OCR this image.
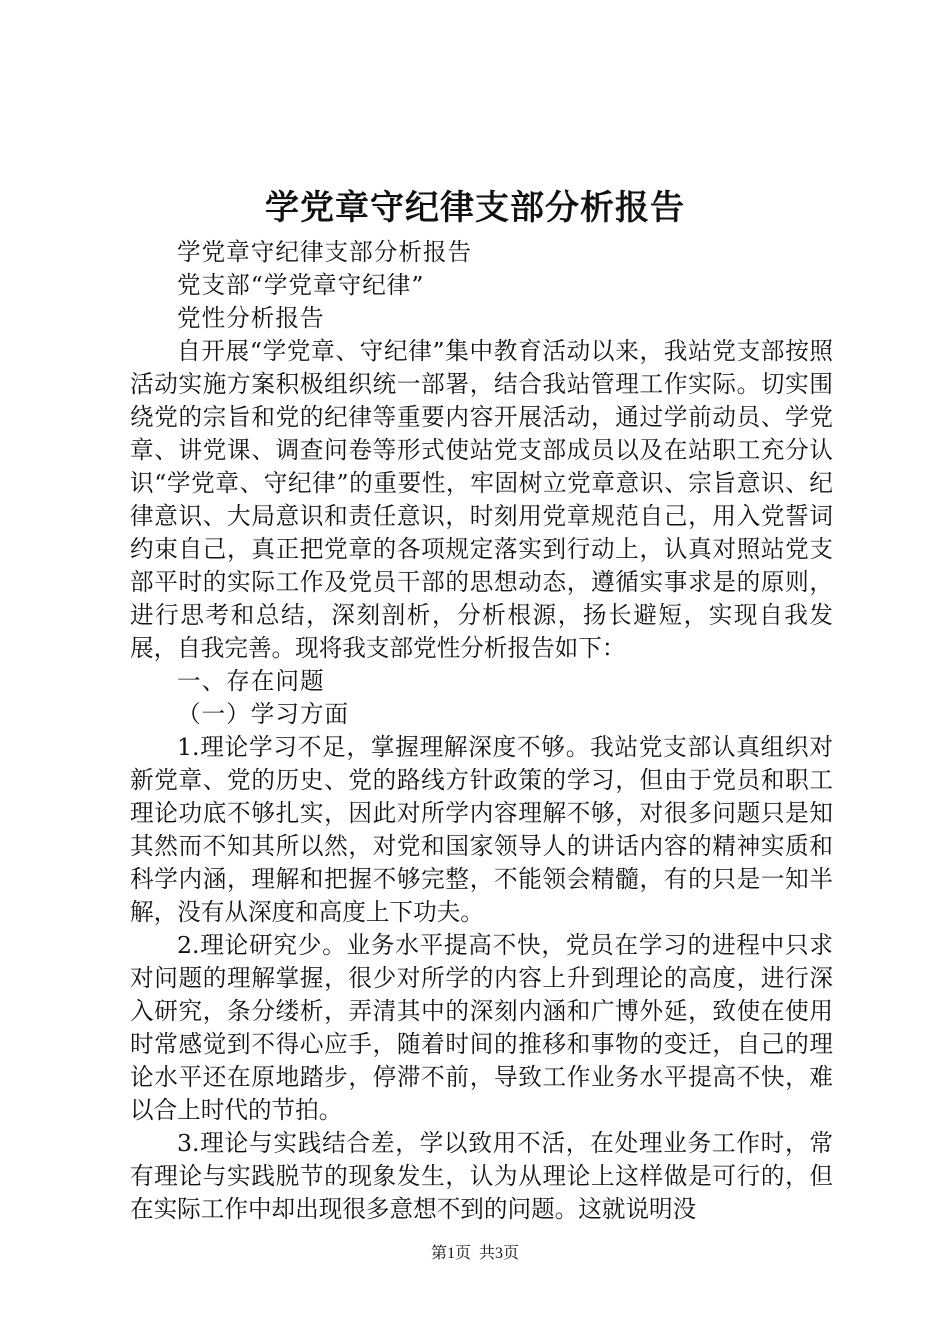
学党章守纪律支部分析报告

学党章守纪律支部分析报告

党支部“学党章守纪律”

党性分析报告

自开展“学党章、守纪律”集中教育活动以来，我站党支部按照活动实施方案积极组织统一部署，结合我站管理工作实际。切实围绕党的宗旨和党的纪律等重要内容开展活动，通过学前动员、学党章、讲党课、调查问卷等形式使站党支部成员以及在站职工充分认识“学党章、守纪律”的重要性，牢固树立党章意识、宗旨意识、纪律意识、大局意识和责任意识，时刻用党章规范自己，用入党誓词约束自己，真正把党章的各项规定落实到行动上，认真对照站党支部平时的实际工作及党员干部的思想动态，遵循实事求是的原则，进行思考和总结，深刻剖析，分析根源，扬长避短，实现自我发展，自我完善。现将我支部党性分析报告如下：

一、存在问题

（一）学习方面

1.理论学习不足，掌握理解深度不够。我站党支部认真组织对新党章、党的历史、党的路线方针政策的学习，但由于党员和职工理论功底不够扎实，因此对所学内容理解不够，对很多问题只是知其然而不知其所以然，对党和国家领导人的讲话内容的精神实质和科学内涵，理解和把握不够完整，不能领会精髓，有的只是一知半解，没有从深度和高度上下功夫。

2.理论研究少。业务水平提高不快，党员在学习的进程中只求对问题的理解掌握，很少对所学的内容上升到理论的高度，进行深入研究，条分缕析，弄清其中的深刻内涵和广博外延，致使在使用时常感觉到不得心应手，随着时间的推移和事物的变迁，自己的理论水平还在原地踏步，停滞不前，导致工作业务水平提高不快，难以合上时代的节拍。

3.理论与实践结合差，学以致用不活，在处理业务工作时，常有理论与实践脱节的现象发生，认为从理论上这样做是可行的，但在实际工作中却出现很多意想不到的问题。这就说明没

第1页  共3页
